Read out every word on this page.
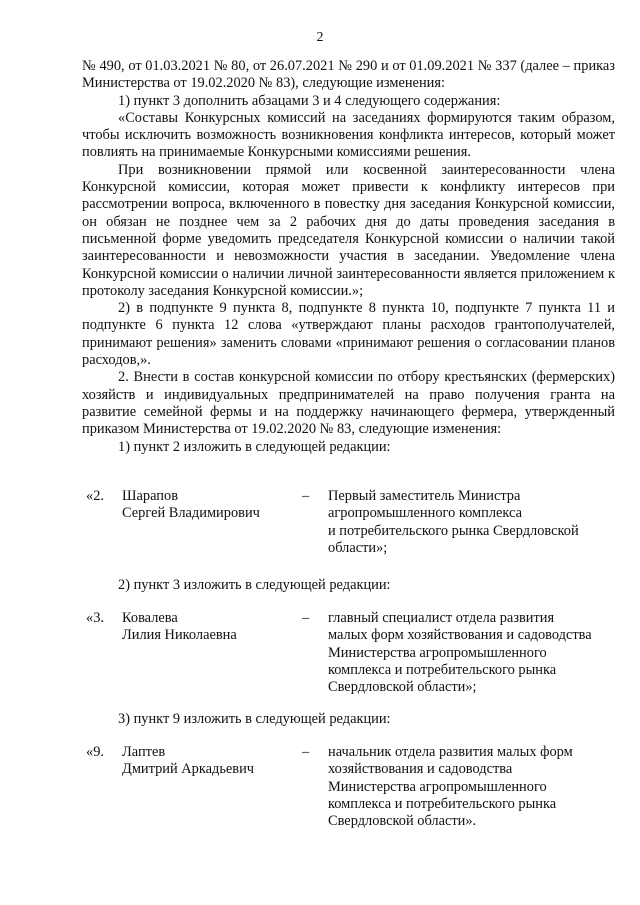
2

№ 490, от 01.03.2021 № 80, от 26.07.2021 № 290 и от 01.09.2021 № 337 (далее – приказ Министерства от 19.02.2020 № 83), следующие изменения:

1) пункт 3 дополнить абзацами 3 и 4 следующего содержания:

«Составы Конкурсных комиссий на заседаниях формируются таким образом, чтобы исключить возможность возникновения конфликта интересов, который может повлиять на принимаемые Конкурсными комиссиями решения.

При возникновении прямой или косвенной заинтересованности члена Конкурсной комиссии, которая может привести к конфликту интересов при рассмотрении вопроса, включенного в повестку дня заседания Конкурсной комиссии, он обязан не позднее чем за 2 рабочих дня до даты проведения заседания в письменной форме уведомить председателя Конкурсной комиссии о наличии такой заинтересованности и невозможности участия в заседании. Уведомление члена Конкурсной комиссии о наличии личной заинтересованности является приложением к протоколу заседания Конкурсной комиссии.»;

2) в подпункте 9 пункта 8, подпункте 8 пункта 10, подпункте 7 пункта 11 и подпункте 6 пункта 12 слова «утверждают планы расходов грантополучателей, принимают решения» заменить словами «принимают решения о согласовании планов расходов,».

2. Внести в состав конкурсной комиссии по отбору крестьянских (фермерских) хозяйств и индивидуальных предпринимателей на право получения гранта на развитие семейной фермы и на поддержку начинающего фермера, утвержденный приказом Министерства от 19.02.2020 № 83, следующие изменения:

1) пункт 2 изложить в следующей редакции:

«2. Шарапов
Сергей Владимирович
– Первый заместитель Министра
агропромышленного комплекса
и потребительского рынка Свердловской
области»;
2) пункт 3 изложить в следующей редакции:
«3. Ковалева
Лилия Николаевна
– главный специалист отдела развития
малых форм хозяйствования и садоводства
Министерства агропромышленного
комплекса и потребительского рынка
Свердловской области»;
3) пункт 9 изложить в следующей редакции:
«9. Лаптев
Дмитрий Аркадьевич
– начальник отдела развития малых форм
хозяйствования и садоводства
Министерства агропромышленного
комплекса и потребительского рынка
Свердловской области».
